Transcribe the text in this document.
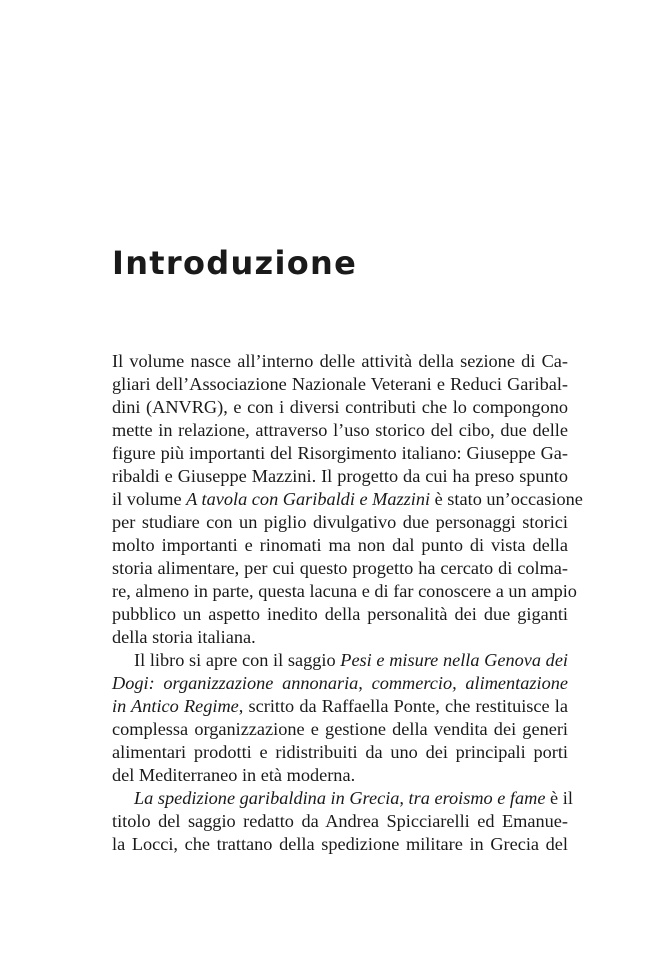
Introduzione
Il volume nasce all’interno delle attività della sezione di Ca-
gliari dell’Associazione Nazionale Veterani e Reduci Garibal-
dini (ANVRG), e con i diversi contributi che lo compongono
mette in relazione, attraverso l’uso storico del cibo, due delle
figure più importanti del Risorgimento italiano: Giuseppe Ga-
ribaldi e Giuseppe Mazzini. Il progetto da cui ha preso spunto
il volume A tavola con Garibaldi e Mazzini è stato un’occasione
per studiare con un piglio divulgativo due personaggi storici
molto importanti e rinomati ma non dal punto di vista della
storia alimentare, per cui questo progetto ha cercato di colma-
re, almeno in parte, questa lacuna e di far conoscere a un ampio
pubblico un aspetto inedito della personalità dei due giganti
della storia italiana.
Il libro si apre con il saggio Pesi e misure nella Genova dei
Dogi: organizzazione annonaria, commercio, alimentazione
in Antico Regime, scritto da Raffaella Ponte, che restituisce la
complessa organizzazione e gestione della vendita dei generi
alimentari prodotti e ridistribuiti da uno dei principali porti
del Mediterraneo in età moderna.
La spedizione garibaldina in Grecia, tra eroismo e fame è il
titolo del saggio redatto da Andrea Spicciarelli ed Emanue-
la Locci, che trattano della spedizione militare in Grecia del
